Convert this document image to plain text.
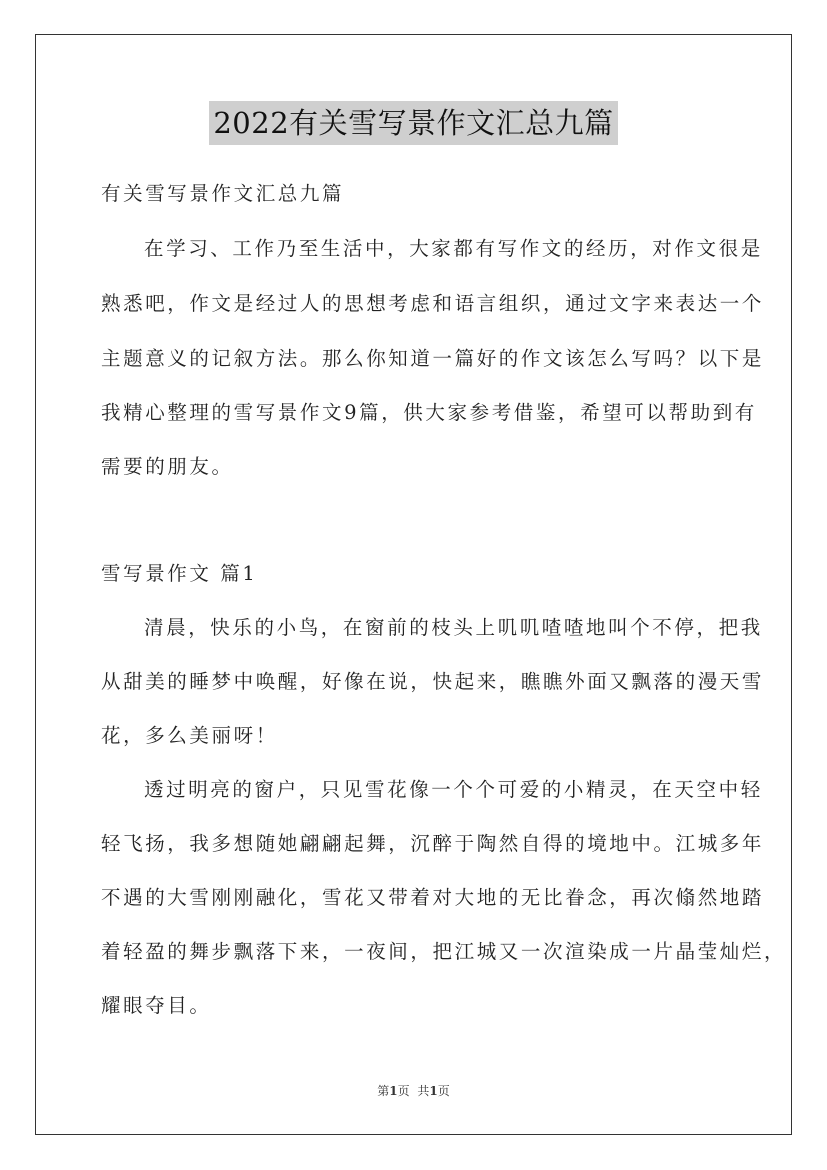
2022有关雪写景作文汇总九篇
有关雪写景作文汇总九篇
在学习、工作乃至生活中，大家都有写作文的经历，对作文很是
熟悉吧，作文是经过人的思想考虑和语言组织，通过文字来表达一个
主题意义的记叙方法。那么你知道一篇好的作文该怎么写吗？以下是
我精心整理的雪写景作文9篇，供大家参考借鉴，希望可以帮助到有
需要的朋友。
雪写景作文 篇1
清晨，快乐的小鸟，在窗前的枝头上叽叽喳喳地叫个不停，把我
从甜美的睡梦中唤醒，好像在说，快起来，瞧瞧外面又飘落的漫天雪
花，多么美丽呀！
透过明亮的窗户，只见雪花像一个个可爱的小精灵，在天空中轻
轻飞扬，我多想随她翩翩起舞，沉醉于陶然自得的境地中。江城多年
不遇的大雪刚刚融化，雪花又带着对大地的无比眷念，再次翛然地踏
着轻盈的舞步飘落下来，一夜间，把江城又一次渲染成一片晶莹灿烂，
耀眼夺目。
第1页 共1页
